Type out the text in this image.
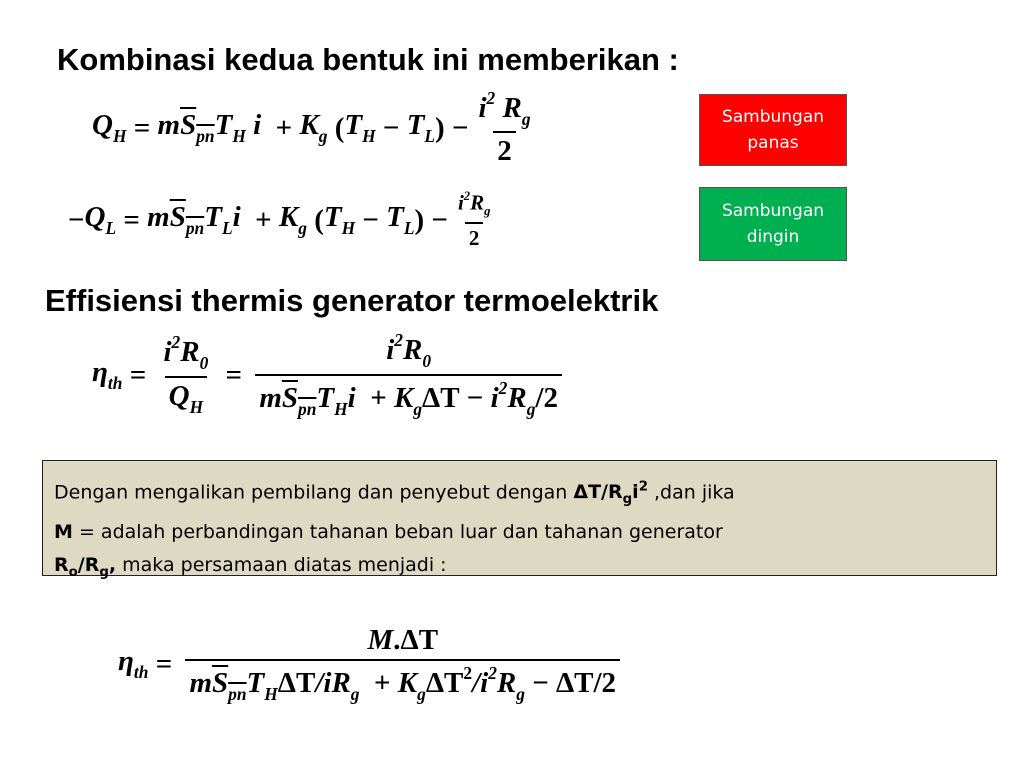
Kombinasi kedua bentuk ini memberikan :
$Q_H = mS_{pn}T_H$ $i + K_g$ ( $T_H - T_L$ ) − $\frac{i^2 R_g}{2}$
− $Q_L = mS_{pn}T_Li + K_g$ ( $T_H - T_L$ ) − $\frac{i^2R_g}{2}$
Sambungan
panas
Sambungan
dingin
Effisiensi thermis generator termoelektrik
$\eta_{th} = \frac{i^2R_0}{Q_H} = \frac{i^2R_0}{mS_{pn}T_Hi + K_g\Delta T - i^2R_g/2}$
Dengan mengalikan pembilang dan penyebut dengan $\Delta T/R_gi^2$ ,dan jika
M = adalah perbandingan tahanan beban luar dan tahanan generator
$R_o/R_g$, maka persamaan diatas menjadi :
$\eta_{th} = \frac{M.\Delta T}{mS_{pn}T_H\Delta T/iR_g + K_g\Delta T^2/i^2R_g - \Delta T/2}$
